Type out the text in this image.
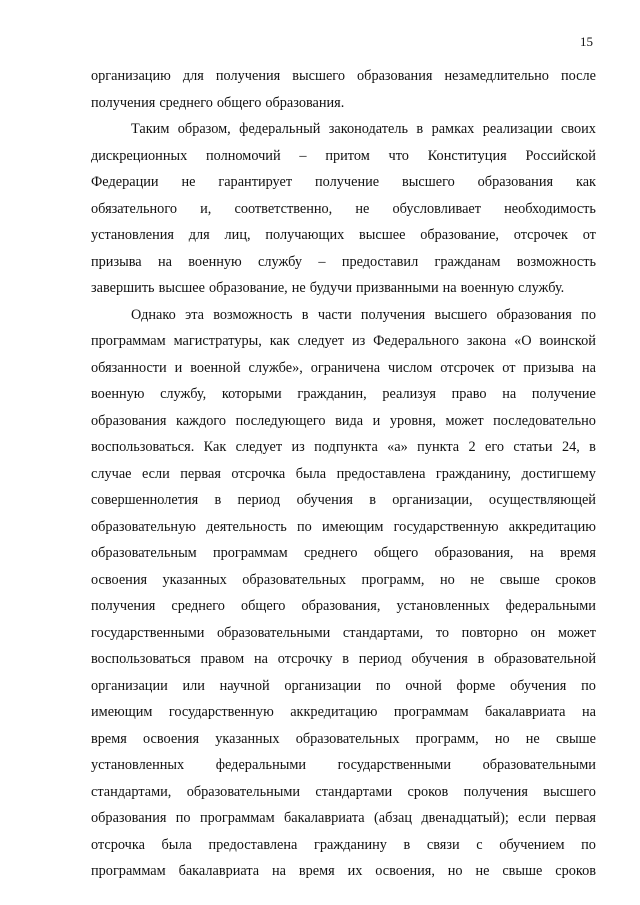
15
организацию для получения высшего образования незамедлительно после
получения среднего общего образования.
Таким образом, федеральный законодатель в рамках реализации своих
дискреционных полномочий – притом что Конституция Российской
Федерации не гарантирует получение высшего образования как
обязательного и, соответственно, не обусловливает необходимость
установления для лиц, получающих высшее образование, отсрочек от
призыва на военную службу – предоставил гражданам возможность
завершить высшее образование, не будучи призванными на военную службу.
Однако эта возможность в части получения высшего образования по
программам магистратуры, как следует из Федерального закона «О воинской
обязанности и военной службе», ограничена числом отсрочек от призыва на
военную службу, которыми гражданин, реализуя право на получение
образования каждого последующего вида и уровня, может последовательно
воспользоваться. Как следует из подпункта «а» пункта 2 его статьи 24, в
случае если первая отсрочка была предоставлена гражданину, достигшему
совершеннолетия в период обучения в организации, осуществляющей
образовательную деятельность по имеющим государственную аккредитацию
образовательным программам среднего общего образования, на время
освоения указанных образовательных программ, но не свыше сроков
получения среднего общего образования, установленных федеральными
государственными образовательными стандартами, то повторно он может
воспользоваться правом на отсрочку в период обучения в образовательной
организации или научной организации по очной форме обучения по
имеющим государственную аккредитацию программам бакалавриата на
время освоения указанных образовательных программ, но не свыше
установленных федеральными государственными образовательными
стандартами, образовательными стандартами сроков получения высшего
образования по программам бакалавриата (абзац двенадцатый); если первая
отсрочка была предоставлена гражданину в связи с обучением по
программам бакалавриата на время их освоения, но не свыше сроков
